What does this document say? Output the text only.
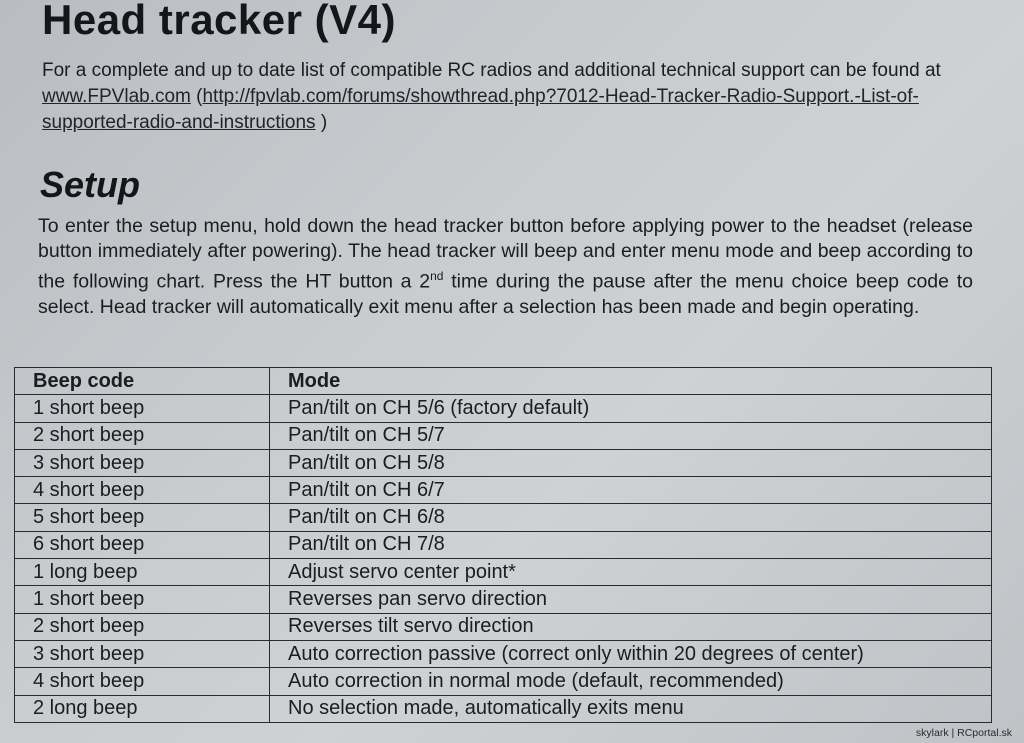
Head tracker (V4)

For a complete and up to date list of compatible RC radios and additional technical support can be found at www.FPVlab.com (http://fpvlab.com/forums/showthread.php?7012-Head-Tracker-Radio-Support.-List-of-supported-radio-and-instructions )

Setup

To enter the setup menu, hold down the head tracker button before applying power to the headset (release button immediately after powering). The head tracker will beep and enter menu mode and beep according to the following chart. Press the HT button a 2nd time during the pause after the menu choice beep code to select. Head tracker will automatically exit menu after a selection has been made and begin operating.

Beep code	Mode
1 short beep	Pan/tilt on CH 5/6 (factory default)
2 short beep	Pan/tilt on CH 5/7
3 short beep	Pan/tilt on CH 5/8
4 short beep	Pan/tilt on CH 6/7
5 short beep	Pan/tilt on CH 6/8
6 short beep	Pan/tilt on CH 7/8
1 long beep	Adjust servo center point*
1 short beep	Reverses pan servo direction
2 short beep	Reverses tilt servo direction
3 short beep	Auto correction passive (correct only within 20 degrees of center)
4 short beep	Auto correction in normal mode (default, recommended)
2 long beep	No selection made, automatically exits menu
skylark | RCportal.sk
